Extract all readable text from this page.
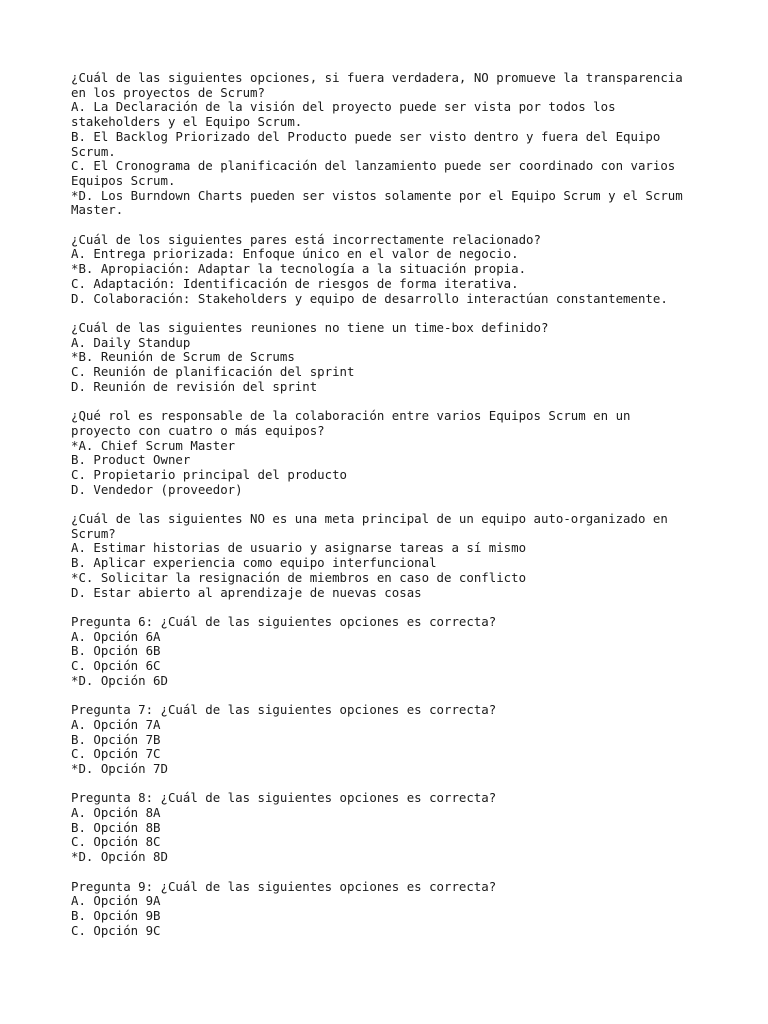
¿Cuál de las siguientes opciones, si fuera verdadera, NO promueve la transparencia
en los proyectos de Scrum?
A. La Declaración de la visión del proyecto puede ser vista por todos los
stakeholders y el Equipo Scrum.
B. El Backlog Priorizado del Producto puede ser visto dentro y fuera del Equipo
Scrum.
C. El Cronograma de planificación del lanzamiento puede ser coordinado con varios
Equipos Scrum.
*D. Los Burndown Charts pueden ser vistos solamente por el Equipo Scrum y el Scrum
Master.
¿Cuál de los siguientes pares está incorrectamente relacionado?
A. Entrega priorizada: Enfoque único en el valor de negocio.
*B. Apropiación: Adaptar la tecnología a la situación propia.
C. Adaptación: Identificación de riesgos de forma iterativa.
D. Colaboración: Stakeholders y equipo de desarrollo interactúan constantemente.
¿Cuál de las siguientes reuniones no tiene un time-box definido?
A. Daily Standup
*B. Reunión de Scrum de Scrums
C. Reunión de planificación del sprint
D. Reunión de revisión del sprint
¿Qué rol es responsable de la colaboración entre varios Equipos Scrum en un
proyecto con cuatro o más equipos?
*A. Chief Scrum Master
B. Product Owner
C. Propietario principal del producto
D. Vendedor (proveedor)
¿Cuál de las siguientes NO es una meta principal de un equipo auto-organizado en
Scrum?
A. Estimar historias de usuario y asignarse tareas a sí mismo
B. Aplicar experiencia como equipo interfuncional
*C. Solicitar la resignación de miembros en caso de conflicto
D. Estar abierto al aprendizaje de nuevas cosas
Pregunta 6: ¿Cuál de las siguientes opciones es correcta?
A. Opción 6A
B. Opción 6B
C. Opción 6C
*D. Opción 6D
Pregunta 7: ¿Cuál de las siguientes opciones es correcta?
A. Opción 7A
B. Opción 7B
C. Opción 7C
*D. Opción 7D
Pregunta 8: ¿Cuál de las siguientes opciones es correcta?
A. Opción 8A
B. Opción 8B
C. Opción 8C
*D. Opción 8D
Pregunta 9: ¿Cuál de las siguientes opciones es correcta?
A. Opción 9A
B. Opción 9B
C. Opción 9C
